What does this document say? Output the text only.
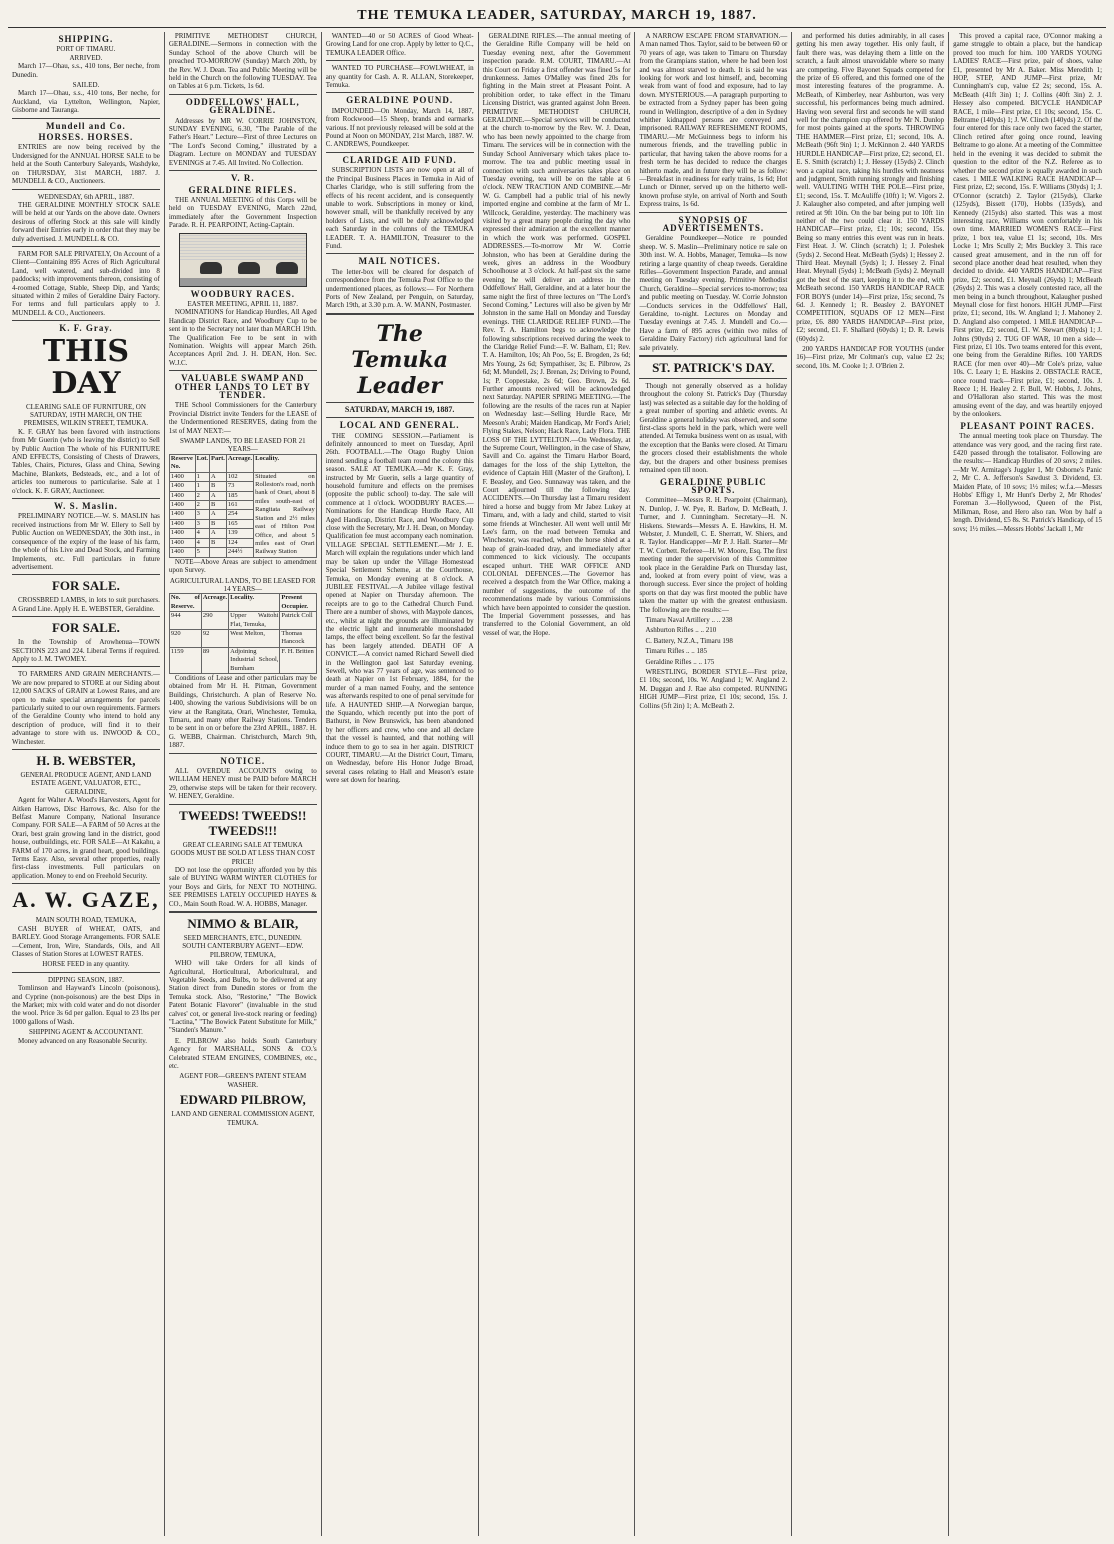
THE TEMUKA LEADER, SATURDAY, MARCH 19, 1887.
SHIPPING.
PORT OF TIMARU.
ARRIVED.

March 17—Ohau, s.s., 410 tons, Ber neche, from Dunedin.

SAILED.

March 17—Ohau, s.s., 410 tons, Ber neche, for Auckland, via Lyttelton, Wellington, Napier, Gisborne and Tauranga.

Mundell and Co.
HORSES. HORSES.

ENTRIES are now being received by the Undersigned for the ANNUAL HORSE SALE to be held at the South Canterbury Saleyards, Washdyke, on THURSDAY, 31st MARCH, 1887. J. MUNDELL & CO., Auctioneers.

WEDNESDAY, 6th APRIL, 1887.

THE GERALDINE MONTHLY STOCK SALE will be held at our Yards on the above date. Owners desirous of offering Stock at this sale will kindly forward their Entries early in order that they may be duly advertised. J. MUNDELL & CO.

FARM FOR SALE PRIVATELY, On Account of a Client—Containing 895 Acres of Rich Agricultural Land, well watered, and sub-divided into 8 paddocks; with improvements thereon, consisting of 4-roomed Cottage, Stable, Sheep Dip, and Yards; situated within 2 miles of Geraldine Dairy Factory. For terms and full particulars apply to J. MUNDELL & CO., Auctioneers.

K. F. Gray.
THIS DAY
CLEARING SALE OF FURNITURE, ON SATURDAY, 19TH MARCH, ON THE PREMISES, WILKIN STREET, TEMUKA.

K. F. GRAY has been favored with instructions from Mr Guerin (who is leaving the district) to Sell by Public Auction The whole of his FURNITURE AND EFFECTS, Consisting of Chests of Drawers, Tables, Chairs, Pictures, Glass and China, Sewing Machine, Blankets, Bedsteads, etc., and a lot of articles too numerous to particularise. Sale at 1 o'clock. K. F. GRAY, Auctioneer.

W. S. Maslin.

PRELIMINARY NOTICE.—W. S. MASLIN has received instructions from Mr W. Ellery to Sell by Public Auction on WEDNESDAY, the 30th inst., in consequence of the expiry of the lease of his farm, the whole of his Live and Dead Stock, and Farming Implements, etc. Full particulars in future advertisement.

FOR SALE.

CROSSBRED LAMBS, in lots to suit purchasers. A Grand Line. Apply H. E. WEBSTER, Geraldine.

FOR SALE.

In the Township of Arowhenua—TOWN SECTIONS 223 and 224. Liberal Terms if required. Apply to J. M. TWOMEY.

TO FARMERS AND GRAIN MERCHANTS.—We are now prepared to STORE at our Siding about 12,000 SACKS of GRAIN at Lowest Rates, and are open to make special arrangements for parcels particularly suited to our own requirements. Farmers of the Geraldine County who intend to hold any description of produce, will find it to their advantage to store with us. INWOOD & CO., Winchester.

H. B. WEBSTER,
GENERAL PRODUCE AGENT, AND LAND ESTATE AGENT, VALUATOR, ETC., GERALDINE,

Agent for Walter A. Wood's Harvesters, Agent for Aitken Harrows, Disc Harrows, &c. Also for the Belfast Manure Company, National Insurance Company. FOR SALE—A FARM of 50 Acres at the Orari, best grain growing land in the district, good house, outbuildings, etc. FOR SALE—At Kakahu, a FARM of 170 acres, in grand heart, good buildings. Terms Easy. Also, several other properties, really first-class investments. Full particulars on application. Money to end on Freehold Security.

A. W. GAZE,
MAIN SOUTH ROAD, TEMUKA,

CASH BUYER of WHEAT, OATS, and BARLEY. Good Storage Arrangements. FOR SALE—Cement, Iron, Wire, Standards, Oils, and All Classes of Station Stores at LOWEST RATES.

HORSE FEED in any quantity.
DIPPING SEASON, 1887.

Tomlinson and Hayward's Lincoln (poisonous), and Cyprine (non-poisonous) are the best Dips in the Market; mix with cold water and do not disorder the wool. Price 3s 6d per gallon. Equal to 23 lbs per 1000 gallons of Wash.

SHIPPING AGENT & ACCOUNTANT.

Money advanced on any Reasonable Security.

PRIMITIVE METHODIST CHURCH, GERALDINE.—Sermons in connection with the Sunday School of the above Church will be preached TO-MORROW (Sunday) March 20th, by the Rev. W. J. Dean. Tea and Public Meeting will be held in the Church on the following TUESDAY. Tea on Tables at 6 p.m. Tickets, 1s 6d.

ODDFELLOWS' HALL, GERALDINE.

Addresses by MR W. CORRIE JOHNSTON, SUNDAY EVENING, 6.30, "The Parable of the Father's Heart." Lecture—First of three Lectures on "The Lord's Second Coming," illustrated by a Diagram. Lecture on MONDAY and TUESDAY EVENINGS at 7.45. All Invited. No Collection.

V. R.
GERALDINE RIFLES.

THE ANNUAL MEETING of this Corps will be held on TUESDAY EVENING, March 22nd, immediately after the Government Inspection Parade. R. H. PEARPOINT, Acting-Captain.

WOODBURY RACES.
EASTER MEETING, APRIL 11, 1887.

NOMINATIONS for Handicap Hurdles, All Aged Handicap District Race, and Woodbury Cup to be sent in to the Secretary not later than MARCH 19th. The Qualification Fee to be sent in with Nomination. Weights will appear March 26th. Acceptances April 2nd. J. H. DEAN, Hon. Sec. W.J.C.

VALUABLE SWAMP AND OTHER LANDS TO LET BY TENDER.

THE School Commissioners for the Canterbury Provincial District invite Tenders for the LEASE of the Undermentioned RESERVES, dating from the 1st of MAY NEXT:—

SWAMP LANDS, TO BE LEASED FOR 21 YEARS—
Reserve No.	Lot.	Part.	Acreage.	Locality.
1400	1	A	102	Situated on Rolleston's road, north bank of Orari, about 8 miles south-east of Rangitata Railway Station and 2½ miles east of Hilton Post Office, and about 5 miles east of Orari Railway Station
1400	1	B	73	
1400	2	A	185	
1400	2	B	161	
1400	3	A	254	
1400	3	B	165	
1400	4	A	139	
1400	4	B	124	
1400	5		244½	

NOTE—Above Areas are subject to amendment upon Survey.

AGRICULTURAL LANDS, TO BE LEASED FOR 14 YEARS—
No. of Reserve.	Acreage.	Locality.	Present Occupier.
944	290	Upper Waitohi Flat, Temuka,	Patrick Coll
920	92	West Melton,	Thomas Hancock
1159	89	Adjoining Industrial School, Burnham	F. H. Britten

Conditions of Lease and other particulars may be obtained from Mr H. H. Pitman, Government Buildings, Christchurch. A plan of Reserve No. 1400, showing the various Subdivisions will be on view at the Rangitata, Orari, Winchester, Temuka, Timaru, and many other Railway Stations. Tenders to be sent in on or before the 23rd APRIL, 1887. H. G. WEBB, Chairman. Christchurch, March 9th, 1887.

NOTICE.

ALL OVERDUE ACCOUNTS owing to WILLIAM HENEY must be PAID before MARCH 29, otherwise steps will be taken for their recovery. W. HENEY, Geraldine.

TWEEDS! TWEEDS!! TWEEDS!!!
GREAT CLEARING SALE AT TEMUKA
GOODS MUST BE SOLD AT LESS THAN COST PRICE!

DO not lose the opportunity afforded you by this sale of BUYING WARM WINTER CLOTHES for your Boys and Girls, for NEXT TO NOTHING. SEE PREMISES LATELY OCCUPIED HAYES & CO., Main South Road. W. A. HOBBS, Manager.

NIMMO & BLAIR,
SEED MERCHANTS, ETC., DUNEDIN.
SOUTH CANTERBURY AGENT—EDW. PILBROW, TEMUKA,

WHO will take Orders for all kinds of Agricultural, Horticultural, Arboricultural, and Vegetable Seeds, and Bulbs, to be delivered at any Station direct from Dunedin stores or from the Temuka stock. Also, "Restorine," "The Bowick Patent Botanic Flavorer" (invaluable in the stud calves' cot, or general live-stock rearing or feeding) "Lactina," "The Bowick Patent Substitute for Milk," "Standen's Manure."

E. PILBROW also holds South Canterbury Agency for MARSHALL, SONS & CO.'s Celebrated STEAM ENGINES, COMBINES, etc., etc.

AGENT FOR—GREEN'S PATENT STEAM WASHER.
EDWARD PILBROW,
LAND AND GENERAL COMMISSION AGENT, TEMUKA.

WANTED—40 or 50 ACRES of Good Wheat-Growing Land for one crop. Apply by letter to Q.C., TEMUKA LEADER Office.

WANTED TO PURCHASE—FOWLWHEAT, in any quantity for Cash. A. R. ALLAN, Storekeeper, Temuka.

GERALDINE POUND.

IMPOUNDED—On Monday, March 14, 1887, from Rockwood—15 Sheep, brands and earmarks various. If not previously released will be sold at the Pound at Noon on MONDAY, 21st March, 1887. W. C. ANDREWS, Poundkeeper.

CLARIDGE AID FUND.

SUBSCRIPTION LISTS are now open at all of the Principal Business Places in Temuka in Aid of Charles Claridge, who is still suffering from the effects of his recent accident, and is consequently unable to work. Subscriptions in money or kind, however small, will be thankfully received by any holders of Lists, and will be duly acknowledged each Saturday in the columns of the TEMUKA LEADER. T. A. HAMILTON, Treasurer to the Fund.

MAIL NOTICES.

The letter-box will be cleared for despatch of correspondence from the Temuka Post Office to the undermentioned places, as follows:— For Northern Ports of New Zealand, per Penguin, on Saturday, March 19th, at 3.30 p.m. A. W. MANN, Postmaster.

The Temuka Leader
SATURDAY, MARCH 19, 1887.
LOCAL AND GENERAL.

THE COMING SESSION.—Parliament is definitely announced to meet on Tuesday, April 26th. FOOTBALL.—The Otago Rugby Union intend sending a football team round the colony this season. SALE AT TEMUKA.—Mr K. F. Gray, instructed by Mr Guerin, sells a large quantity of household furniture and effects on the premises (opposite the public school) to-day. The sale will commence at 1 o'clock. WOODBURY RACES.—Nominations for the Handicap Hurdle Race, All Aged Handicap, District Race, and Woodbury Cup close with the Secretary, Mr J. H. Dean, on Monday. Qualification fee must accompany each nomination. VILLAGE SPECIAL SETTLEMENT.—Mr J. E. March will explain the regulations under which land may be taken up under the Village Homestead Special Settlement Scheme, at the Courthouse, Temuka, on Monday evening at 8 o'clock. A JUBILEE FESTIVAL.—A Jubilee village festival opened at Napier on Thursday afternoon. The receipts are to go to the Cathedral Church Fund. There are a number of shows, with Maypole dances, etc., whilst at night the grounds are illuminated by the electric light and innumerable moonshaded lamps, the effect being excellent. So far the festival has been largely attended. DEATH OF A CONVICT.—A convict named Richard Sewell died in the Wellington gaol last Saturday evening. Sewell, who was 77 years of age, was sentenced to death at Napier on 1st February, 1884, for the murder of a man named Fouhy, and the sentence was afterwards respited to one of penal servitude for life. A HAUNTED SHIP.—A Norwegian barque, the Squando, which recently put into the port of Bathurst, in New Brunswick, has been abandoned by her officers and crew, who one and all declare that the vessel is haunted, and that nothing will induce them to go to sea in her again. DISTRICT COURT, TIMARU.—At the District Court, Timaru, on Wednesday, before His Honor Judge Broad, several cases relating to Hall and Meason's estate were set down for hearing.

GERALDINE RIFLES.—The annual meeting of the Geraldine Rifle Company will be held on Tuesday evening next, after the Government inspection parade. R.M. COURT, TIMARU.—At this Court on Friday a first offender was fined 5s for drunkenness. James O'Malley was fined 20s for fighting in the Main street at Pleasant Point. A prohibition order, to take effect in the Timaru Licensing District, was granted against John Breen. PRIMITIVE METHODIST CHURCH, GERALDINE.—Special services will be conducted at the church to-morrow by the Rev. W. J. Dean, who has been newly appointed to the charge from Timaru. The services will be in connection with the Sunday School Anniversary which takes place to-morrow. The tea and public meeting usual in connection with such anniversaries takes place on Tuesday evening, tea will be on the table at 6 o'clock. NEW TRACTION AND COMBINE.—Mr W. G. Campbell had a public trial of his newly imported engine and combine at the farm of Mr L. Willcock, Geraldine, yesterday. The machinery was visited by a great many people during the day who expressed their admiration at the excellent manner in which the work was performed. GOSPEL ADDRESSES.—To-morrow Mr W. Corrie Johnston, who has been at Geraldine during the week, gives an address in the Woodbury Schoolhouse at 3 o'clock. At half-past six the same evening he will deliver an address in the Oddfellows' Hall, Geraldine, and at a later hour the same night the first of three lectures on "The Lord's Second Coming." Lectures will also be given by Mr Johnston in the same Hall on Monday and Tuesday evenings. THE CLARIDGE RELIEF FUND.—The Rev. T. A. Hamilton begs to acknowledge the following subscriptions received during the week to the Claridge Relief Fund:—F. W. Balham, £1; Rev. T. A. Hamilton, 10s; Ah Poo, 5s; E. Brogden, 2s 6d; Mrs Young, 2s 6d; Sympathiser, 3s; E. Pilbrow, 2s 6d; M. Mundell, 2s; J. Brenan, 2s; Driving to Pound, 1s; P. Coppestake, 2s 6d; Geo. Brown, 2s 6d. Further amounts received will be acknowledged next Saturday. NAPIER SPRING MEETING.—The following are the results of the races run at Napier on Wednesday last:—Selling Hurdle Race, Mr Meeson's Arabi; Maiden Handicap, Mr Ford's Ariel; Flying Stakes, Nelson; Hack Race, Lady Flora. THE LOSS OF THE LYTTELTON.—On Wednesday, at the Supreme Court, Wellington, in the case of Shaw, Savill and Co. against the Timaru Harbor Board, damages for the loss of the ship Lyttelton, the evidence of Captain Hill (Master of the Grafton), I. F. Beasley, and Geo. Sunnaway was taken, and the Court adjourned till the following day. ACCIDENTS.—On Thursday last a Timaru resident hired a horse and buggy from Mr Jabez Lukey at Timaru, and, with a lady and child, started to visit some friends at Winchester. All went well until Mr Lee's farm, on the road between Temuka and Winchester, was reached, when the horse shied at a heap of grain-loaded dray, and immediately after commenced to kick viciously. The occupants escaped unhurt. THE WAR OFFICE AND COLONIAL DEFENCES.—The Governor has received a despatch from the War Office, making a number of suggestions, the outcome of the recommendations made by various Commissions which have been appointed to consider the question. The Imperial Government possesses, and has transferred to the Colonial Government, an old vessel of war, the Hope.

A NARROW ESCAPE FROM STARVATION.—A man named Thos. Taylor, said to be between 60 or 70 years of age, was taken to Timaru on Thursday from the Grampians station, where he had been lost and was almost starved to death. It is said he was looking for work and lost himself, and, becoming weak from want of food and exposure, had to lay down. MYSTERIOUS.—A paragraph purporting to be extracted from a Sydney paper has been going round in Wellington, descriptive of a den in Sydney whither kidnapped persons are conveyed and imprisoned. RAILWAY REFRESHMENT ROOMS, TIMARU.—Mr McGuinness begs to inform his numerous friends, and the travelling public in particular, that having taken the above rooms for a fresh term he has decided to reduce the charges hitherto made, and in future they will be as follow:—Breakfast in readiness for early trains, 1s 6d; Hot Lunch or Dinner, served up on the hitherto well-known profuse style, on arrival of North and South Express trains, 1s 6d.

SYNOPSIS OF ADVERTISEMENTS.

Geraldine Poundkeeper—Notice re pounded sheep. W. S. Maslin—Preliminary notice re sale on 30th inst. W. A. Hobbs, Manager, Temuka—Is now retiring a large quantity of cheap tweeds. Geraldine Rifles—Government Inspection Parade, and annual meeting on Tuesday evening. Primitive Methodist Church, Geraldine—Special services to-morrow; tea and public meeting on Tuesday. W. Corrie Johnston—Conducts services in the Oddfellows' Hall, Geraldine, to-night. Lectures on Monday and Tuesday evenings at 7.45. J. Mundell and Co.—Have a farm of 895 acres (within two miles of Geraldine Dairy Factory) rich agricultural land for sale privately.

ST. PATRICK'S DAY.

Though not generally observed as a holiday throughout the colony St. Patrick's Day (Thursday last) was selected as a suitable day for the holding of a great number of sporting and athletic events. At Geraldine a general holiday was observed, and some first-class sports held in the park, which were well attended. At Temuka business went on as usual, with the exception that the Banks were closed. At Timaru the grocers closed their establishments the whole day, but the drapers and other business premises remained open till noon.

GERALDINE PUBLIC SPORTS.

Committee—Messrs R. H. Pearpoint (Chairman), N. Dunlop, J. W. Pye, R. Barlow, D. McBeath, J. Turner, and J. Cunningham. Secretary—H. N. Hiskens. Stewards—Messrs A. E. Hawkins, H. M. Webster, J. Mundell, C. E. Sherratt, W. Shiers, and R. Taylor. Handicapper—Mr P. J. Hall. Starter—Mr T. W. Corbett. Referee—H. W. Moore, Esq. The first meeting under the supervision of this Committee took place in the Geraldine Park on Thursday last, and, looked at from every point of view, was a thorough success. Ever since the project of holding sports on that day was first mooted the public have taken the matter up with the greatest enthusiasm. The following are the results:—

Timaru Naval Artillery .. .. 238

Ashburton Rifles .. .. 210

C. Battery, N.Z.A., Timaru 198

Timaru Rifles .. .. 185

Geraldine Rifles .. .. 175

WRESTLING, BORDER STYLE—First prize, £1 10s; second, 10s. W. Angland 1; W. Angland 2. M. Duggan and J. Rae also competed. RUNNING HIGH JUMP—First prize, £1 10s; second, 15s. J. Collins (5ft 2in) 1; A. McBeath 2.

and performed his duties admirably, in all cases getting his men away together. His only fault, if fault there was, was delaying them a little on the scratch, a fault almost unavoidable where so many are competing. Five Bayonet Squads competed for the prize of £6 offered, and this formed one of the most interesting features of the programme. A. McBeath, of Kimberley, near Ashburton, was very successful, his performances being much admired. Having won several first and seconds he will stand well for the champion cup offered by Mr N. Dunlop for most points gained at the sports. THROWING THE HAMMER—First prize, £1; second, 10s. A. McBeath (96ft 9in) 1; J. McKinnon 2. 440 YARDS HURDLE HANDICAP—First prize, £2; second, £1. E. S. Smith (scratch) 1; J. Hessey (15yds) 2. Clinch won a capital race, taking his hurdles with neatness and judgment, Smith running strongly and finishing well. VAULTING WITH THE POLE—First prize, £1; second, 15s. T. McAuliffe (10ft) 1; W. Vigors 2. J. Kalaugher also competed, and after jumping well retired at 9ft 10in. On the bar being put to 10ft 1in neither of the two could clear it. 150 YARDS HANDICAP—First prize, £1; 10s; second, 15s. Being so many entries this event was run in heats. First Heat. J. W. Clinch (scratch) 1; J. Poleshek (5yds) 2. Second Heat. McBeath (5yds) 1; Hessey 2. Third Heat. Meynall (5yds) 1; J. Hessey 2. Final Heat. Meynall (5yds) 1; McBeath (5yds) 2. Meynall got the best of the start, keeping it to the end, with McBeath second. 150 YARDS HANDICAP RACE FOR BOYS (under 14)—First prize, 15s; second, 7s 6d. J. Kennedy 1; R. Beasley 2. BAYONET COMPETITION, SQUADS OF 12 MEN—First prize, £6. 880 YARDS HANDICAP—First prize, £2; second, £1. F. Shallard (60yds) 1; D. R. Lewis (60yds) 2.

200 YARDS HANDICAP FOR YOUTHS (under 16)—First prize, Mr Coltman's cup, value £2 2s; second, 10s. M. Cooke 1; J. O'Brien 2.

This proved a capital race, O'Connor making a game struggle to obtain a place, but the handicap proved too much for him. 100 YARDS YOUNG LADIES' RACE—First prize, pair of shoes, value £1, presented by Mr A. Baker. Miss Meredith 1; HOP, STEP, AND JUMP—First prize, Mr Cunningham's cup, value £2 2s; second, 15s. A. McBeath (41ft 3in) 1; J. Collins (40ft 3in) 2. J. Hessey also competed. BICYCLE HANDICAP RACE, 1 mile—First prize, £1 10s; second, 15s. C. Beltrame (140yds) 1; J. W. Clinch (140yds) 2. Of the four entered for this race only two faced the starter, Clinch retired after going once round, leaving Beltrame to go alone. At a meeting of the Committee held in the evening it was decided to submit the question to the editor of the N.Z. Referee as to whether the second prize is equally awarded in such cases. 1 MILE WALKING RACE HANDICAP—First prize, £2; second, 15s. F. Williams (30yds) 1; J. O'Connor (scratch) 2. Taylor (215yds), Clarke (125yds), Bissett (170), Hobbs (135yds), and Kennedy (215yds) also started. This was a most interesting race, Williams won comfortably in his own time. MARRIED WOMEN'S RACE—First prize, 1 box tea, value £1 1s; second, 10s. Mrs Locke 1; Mrs Scully 2; Mrs Buckley 3. This race caused great amusement, and in the run off for second place another dead heat resulted, when they decided to divide. 440 YARDS HANDICAP—First prize, £2; second, £1. Meynall (26yds) 1; McBeath (26yds) 2. This was a closely contested race, all the men being in a bunch throughout, Kalaugher pushed Meynall close for first honors. HIGH JUMP—First prize, £1; second, 10s. W. Angland 1; J. Mahoney 2. D. Angland also competed. 1 MILE HANDICAP—First prize, £2; second, £1. W. Stewart (80yds) 1; J. Johns (90yds) 2. TUG OF WAR, 10 men a side—First prize, £1 10s. Two teams entered for this event, one being from the Geraldine Rifles. 100 YARDS RACE (for men over 40)—Mr Cole's prize, value 10s. C. Leary 1; E. Haskins 2. OBSTACLE RACE, once round track—First prize, £1; second, 10s. J. Reece 1; H. Healey 2. F. Bull, W. Hobbs, J. Johns, and O'Halloran also started. This was the most amusing event of the day, and was heartily enjoyed by the onlookers.

PLEASANT POINT RACES.

The annual meeting took place on Thursday. The attendance was very good, and the racing first rate. £420 passed through the totalisator. Following are the results:— Handicap Hurdles of 20 sovs; 2 miles.—Mr W. Armitage's Juggler 1, Mr Osborne's Panic 2, Mr C. A. Jefferson's Sawdust 3. Dividend, £3. Maiden Plate, of 10 sovs; 1½ miles; w.f.a.—Messrs Hobbs' Effigy 1, Mr Hunt's Derby 2, Mr Rhodes' Foreman 3.—Hollywood, Queen of the Pist, Milkman, Rose, and Hero also ran. Won by half a length. Dividend, £5 8s. St. Patrick's Handicap, of 15 sovs; 1½ miles.—Messrs Hobbs' Jackall 1, Mr
